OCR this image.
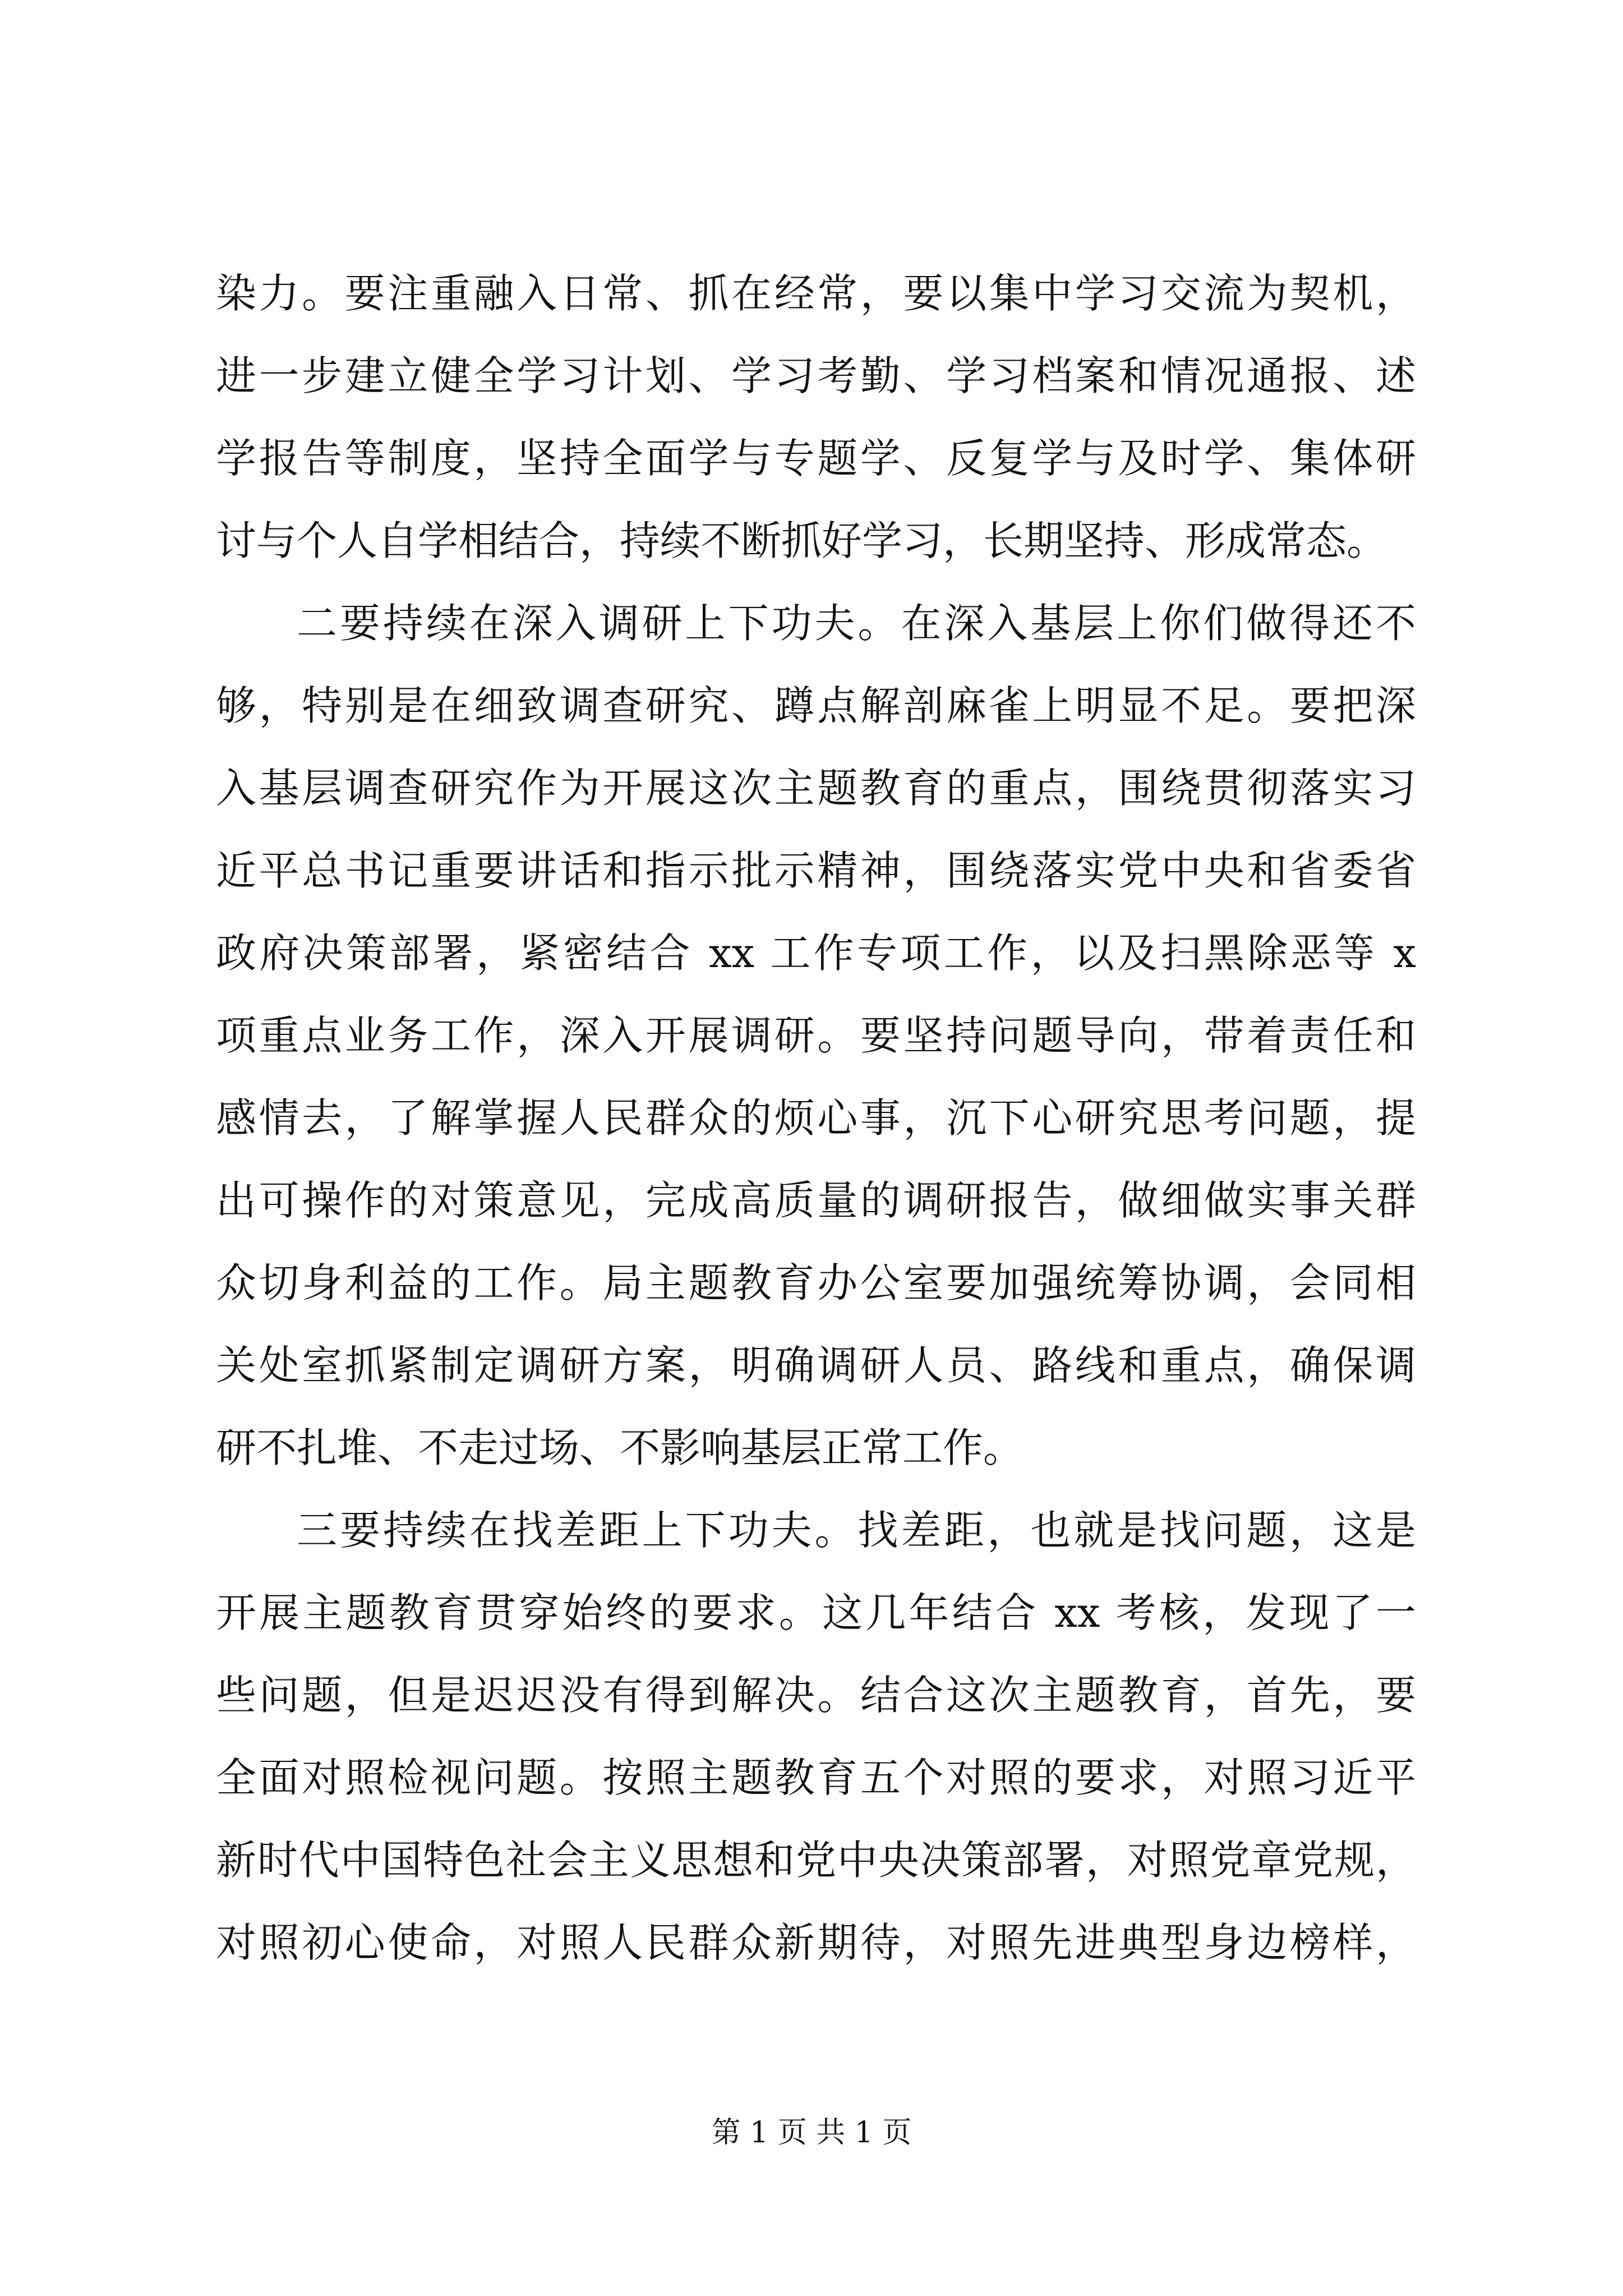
染力。要注重融入日常、抓在经常，要以集中学习交流为契机，
进一步建立健全学习计划、学习考勤、学习档案和情况通报、述
学报告等制度，坚持全面学与专题学、反复学与及时学、集体研
讨与个人自学相结合，持续不断抓好学习，长期坚持、形成常态。
二要持续在深入调研上下功夫。在深入基层上你们做得还不
够，特别是在细致调查研究、蹲点解剖麻雀上明显不足。要把深
入基层调查研究作为开展这次主题教育的重点，围绕贯彻落实习
近平总书记重要讲话和指示批示精神，围绕落实党中央和省委省
政府决策部署，紧密结合 xx 工作专项工作，以及扫黑除恶等 x
项重点业务工作，深入开展调研。要坚持问题导向，带着责任和
感情去，了解掌握人民群众的烦心事，沉下心研究思考问题，提
出可操作的对策意见，完成高质量的调研报告，做细做实事关群
众切身利益的工作。局主题教育办公室要加强统筹协调，会同相
关处室抓紧制定调研方案，明确调研人员、路线和重点，确保调
研不扎堆、不走过场、不影响基层正常工作。
三要持续在找差距上下功夫。找差距，也就是找问题，这是
开展主题教育贯穿始终的要求。这几年结合 xx 考核，发现了一
些问题，但是迟迟没有得到解决。结合这次主题教育，首先，要
全面对照检视问题。按照主题教育五个对照的要求，对照习近平
新时代中国特色社会主义思想和党中央决策部署，对照党章党规，
对照初心使命，对照人民群众新期待，对照先进典型身边榜样，
第 1 页 共 1 页
